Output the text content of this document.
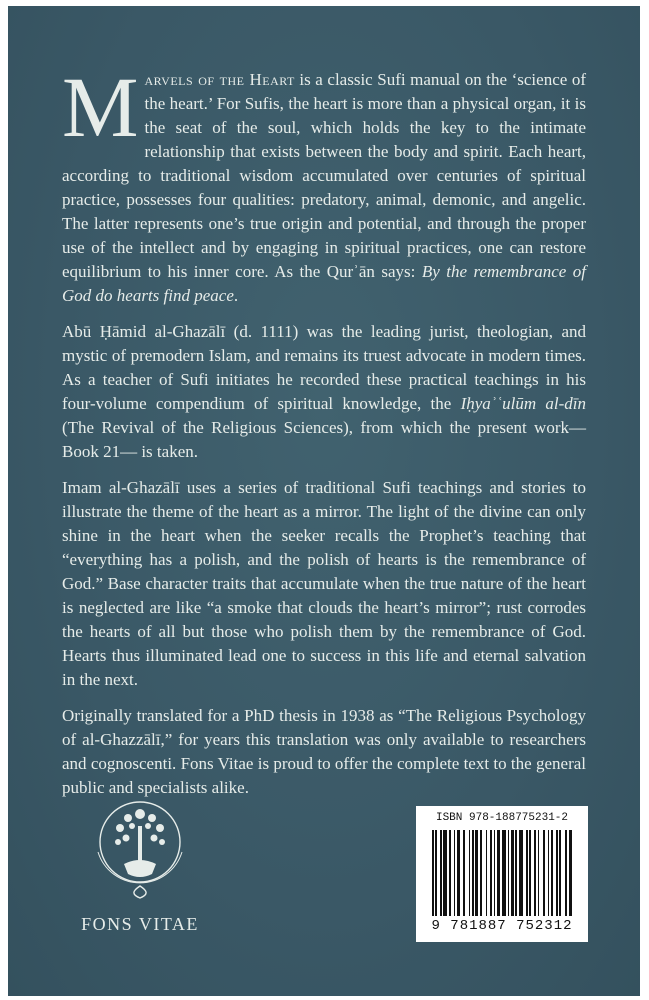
Marvels of the Heart is a classic Sufi manual on the ‘science of the heart.’ For Sufis, the heart is more than a physical organ, it is the seat of the soul, which holds the key to the intimate relationship that exists between the body and spirit. Each heart, according to traditional wisdom accumulated over centuries of spiritual practice, possesses four qualities: predatory, animal, demonic, and angelic. The latter represents one’s true origin and potential, and through the proper use of the intellect and by engaging in spiritual practices, one can restore equilibrium to his inner core. As the Qurʾān says: By the remembrance of God do hearts find peace.

Abū Ḥāmid al-Ghazālī (d. 1111) was the leading jurist, theologian, and mystic of premodern Islam, and remains its truest advocate in modern times. As a teacher of Sufi initiates he recorded these practical teachings in his four-volume compendium of spiritual knowledge, the Iḥyaʾʿulūm al-dīn (The Revival of the Religious Sciences), from which the present work—Book 21— is taken.

Imam al-Ghazālī uses a series of traditional Sufi teachings and stories to illustrate the theme of the heart as a mirror. The light of the divine can only shine in the heart when the seeker recalls the Prophet’s teaching that “everything has a polish, and the polish of hearts is the remembrance of God.” Base character traits that accumulate when the true nature of the heart is neglected are like “a smoke that clouds the heart’s mirror”; rust corrodes the hearts of all but those who polish them by the remembrance of God. Hearts thus illuminated lead one to success in this life and eternal salvation in the next.

Originally translated for a PhD thesis in 1938 as “The Religious Psychology of al-Ghazzālī,” for years this translation was only available to researchers and cognoscenti. Fons Vitae is proud to offer the complete text to the general public and specialists alike.

FONS VITAE
ISBN 978-188775231-2
9 781887 752312
